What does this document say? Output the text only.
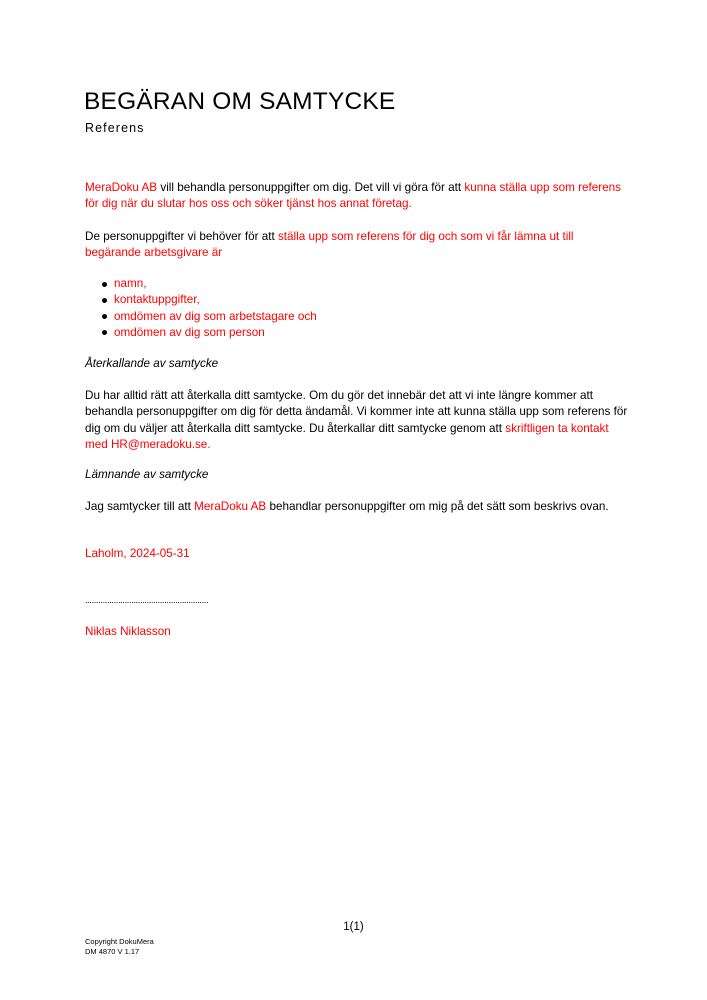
BEGÄRAN OM SAMTYCKE
Referens
MeraDoku AB vill behandla personuppgifter om dig. Det vill vi göra för att kunna ställa upp som referens för dig när du slutar hos oss och söker tjänst hos annat företag.
De personuppgifter vi behöver för att ställa upp som referens för dig och som vi får lämna ut till begärande arbetsgivare är
namn,
kontaktuppgifter,
omdömen av dig som arbetstagare och
omdömen av dig som person
Återkallande av samtycke
Du har alltid rätt att återkalla ditt samtycke. Om du gör det innebär det att vi inte längre kommer att behandla personuppgifter om dig för detta ändamål. Vi kommer inte att kunna ställa upp som referens för dig om du väljer att återkalla ditt samtycke. Du återkallar ditt samtycke genom att skriftligen ta kontakt med HR@meradoku.se.
Lämnande av samtycke
Jag samtycker till att MeraDoku AB behandlar personuppgifter om mig på det sätt som beskrivs ovan.
Laholm, 2024-05-31
........................................................
Niklas Niklasson
1(1)
Copyright DokuMera
DM 4870 V 1.17
